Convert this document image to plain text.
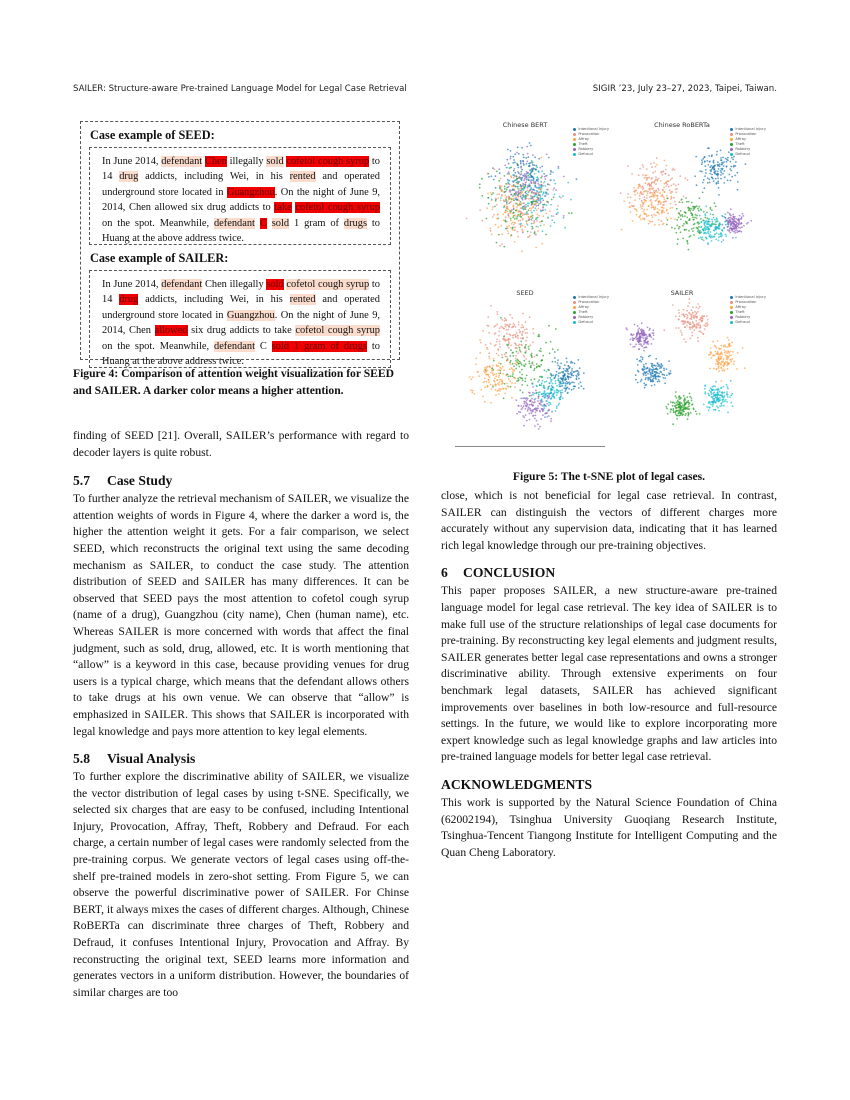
SAILER: Structure-aware Pre-trained Language Model for Legal Case Retrieval	SIGIR ’23, July 23–27, 2023, Taipei, Taiwan.
Case example of SEED:
In June 2014, defendant Chen illegally sold cofetol cough syrup to 14 drug addicts, including Wei, in his rented and operated underground store located in Guangzhou. On the night of June 9, 2014, Chen allowed six drug addicts to take cofetol cough syrup on the spot. Meanwhile, defendant C sold 1 gram of drugs to Huang at the above address twice.
Case example of SAILER:
In June 2014, defendant Chen illegally sold cofetol cough syrup to 14 drug addicts, including Wei, in his rented and operated underground store located in Guangzhou. On the night of June 9, 2014, Chen allowed six drug addicts to take cofetol cough syrup on the spot. Meanwhile, defendant C sold 1 gram of drugs to Huang at the above address twice.
Figure 4: Comparison of attention weight visualization for SEED and SAILER. A darker color means a higher attention.
Chinese BERT	Intentional Injury
Provocation
Affray
Theft
Robbery
Defraud
Chinese RoBERTa	Intentional Injury
Provocation
Affray
Theft
Robbery
Defraud
SEED	Intentional Injury
Provocation
Affray
Theft
Robbery
Defraud
SAILER	Intentional Injury
Provocation
Affray
Theft
Robbery
Defraud
Figure 5: The t-SNE plot of legal cases.

finding of SEED [21]. Overall, SAILER’s performance with regard to decoder layers is quite robust.

5.7 Case Study

To further analyze the retrieval mechanism of SAILER, we visualize the attention weights of words in Figure 4, where the darker a word is, the higher the attention weight it gets. For a fair comparison, we select SEED, which reconstructs the original text using the same decoding mechanism as SAILER, to conduct the case study. The attention distribution of SEED and SAILER has many differences. It can be observed that SEED pays the most attention to cofetol cough syrup (name of a drug), Guangzhou (city name), Chen (human name), etc. Whereas SAILER is more concerned with words that affect the final judgment, such as sold, drug, allowed, etc. It is worth mentioning that “allow” is a keyword in this case, because providing venues for drug users is a typical charge, which means that the defendant allows others to take drugs at his own venue. We can observe that “allow” is emphasized in SAILER. This shows that SAILER is incorporated with legal knowledge and pays more attention to key legal elements.

5.8 Visual Analysis

To further explore the discriminative ability of SAILER, we visualize the vector distribution of legal cases by using t-SNE. Specifically, we selected six charges that are easy to be confused, including Intentional Injury, Provocation, Affray, Theft, Robbery and Defraud. For each charge, a certain number of legal cases were randomly selected from the pre-training corpus. We generate vectors of legal cases using off-the-shelf pre-trained models in zero-shot setting. From Figure 5, we can observe the powerful discriminative power of SAILER. For Chinse BERT, it always mixes the cases of different charges. Although, Chinese RoBERTa can discriminate three charges of Theft, Robbery and Defraud, it confuses Intentional Injury, Provocation and Affray. By reconstructing the original text, SEED learns more information and generates vectors in a uniform distribution. However, the boundaries of similar charges are too

close, which is not beneficial for legal case retrieval. In contrast, SAILER can distinguish the vectors of different charges more accurately without any supervision data, indicating that it has learned rich legal knowledge through our pre-training objectives.

6 CONCLUSION

This paper proposes SAILER, a new structure-aware pre-trained language model for legal case retrieval. The key idea of SAILER is to make full use of the structure relationships of legal case documents for pre-training. By reconstructing key legal elements and judgment results, SAILER generates better legal case representations and owns a stronger discriminative ability. Through extensive experiments on four benchmark legal datasets, SAILER has achieved significant improvements over baselines in both low-resource and full-resource settings. In the future, we would like to explore incorporating more expert knowledge such as legal knowledge graphs and law articles into pre-trained language models for better legal case retrieval.

ACKNOWLEDGMENTS

This work is supported by the Natural Science Foundation of China (62002194), Tsinghua University Guoqiang Research Institute, Tsinghua-Tencent Tiangong Institute for Intelligent Computing and the Quan Cheng Laboratory.
